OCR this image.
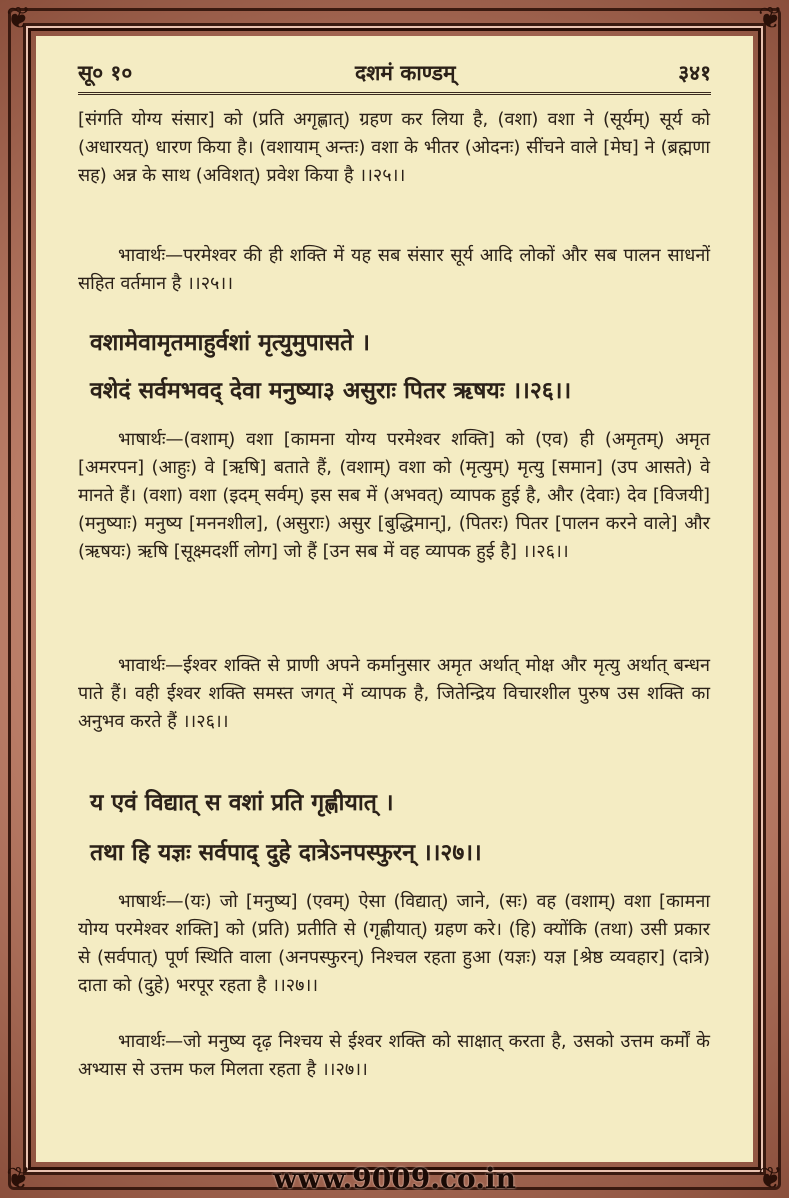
सू० १०	दशमं काण्डम्	३४१
[संगति योग्य संसार] को (प्रति अगृह्णात्) ग्रहण कर लिया है, (वशा) वशा ने (सूर्यम्) सूर्य को (अधारयत्) धारण किया है। (वशायाम् अन्तः) वशा के भीतर (ओदनः) सींचने वाले [मेघ] ने (ब्रह्मणा सह) अन्न के साथ (अविशत्) प्रवेश किया है ।।२५।।
भावार्थः—परमेश्वर की ही शक्ति में यह सब संसार सूर्य आदि लोकों और सब पालन साधनों सहित वर्तमान है ।।२५।।
वशामेवामृतमाहुर्वशां मृत्युमुपासते ।
वशेदं सर्वमभवद् देवा मनुष्या३ असुराः पितर ऋषयः ।।२६।।
भाषार्थः—(वशाम्) वशा [कामना योग्य परमेश्वर शक्ति] को (एव) ही (अमृतम्) अमृत [अमरपन] (आहुः) वे [ऋषि] बताते हैं, (वशाम्) वशा को (मृत्युम्) मृत्यु [समान] (उप आसते) वे मानते हैं। (वशा) वशा (इदम् सर्वम्) इस सब में (अभवत्) व्यापक हुई है, और (देवाः) देव [विजयी] (मनुष्याः) मनुष्य [मननशील], (असुराः) असुर [बुद्धिमान्], (पितरः) पितर [पालन करने वाले] और (ऋषयः) ऋषि [सूक्ष्मदर्शी लोग] जो हैं [उन सब में वह व्यापक हुई है] ।।२६।।
भावार्थः—ईश्वर शक्ति से प्राणी अपने कर्मानुसार अमृत अर्थात् मोक्ष और मृत्यु अर्थात् बन्धन पाते हैं। वही ईश्वर शक्ति समस्त जगत् में व्यापक है, जितेन्द्रिय विचारशील पुरुष उस शक्ति का अनुभव करते हैं ।।२६।।
य एवं विद्यात् स वशां प्रति गृह्णीयात् ।
तथा हि यज्ञः सर्वपाद् दुहे दात्रेऽनपस्फुरन् ।।२७।।
भाषार्थः—(यः) जो [मनुष्य] (एवम्) ऐसा (विद्यात्) जाने, (सः) वह (वशाम्) वशा [कामना योग्य परमेश्वर शक्ति] को (प्रति) प्रतीति से (गृह्णीयात्) ग्रहण करे। (हि) क्योंकि (तथा) उसी प्रकार से (सर्वपात्) पूर्ण स्थिति वाला (अनपस्फुरन्) निश्चल रहता हुआ (यज्ञः) यज्ञ [श्रेष्ठ व्यवहार] (दात्रे) दाता को (दुहे) भरपूर रहता है ।।२७।।
भावार्थः—जो मनुष्य दृढ़ निश्चय से ईश्वर शक्ति को साक्षात् करता है, उसको उत्तम कर्मों के अभ्यास से उत्तम फल मिलता रहता है ।।२७।।
❦	❦
❦	❦
www.9009.co.in
